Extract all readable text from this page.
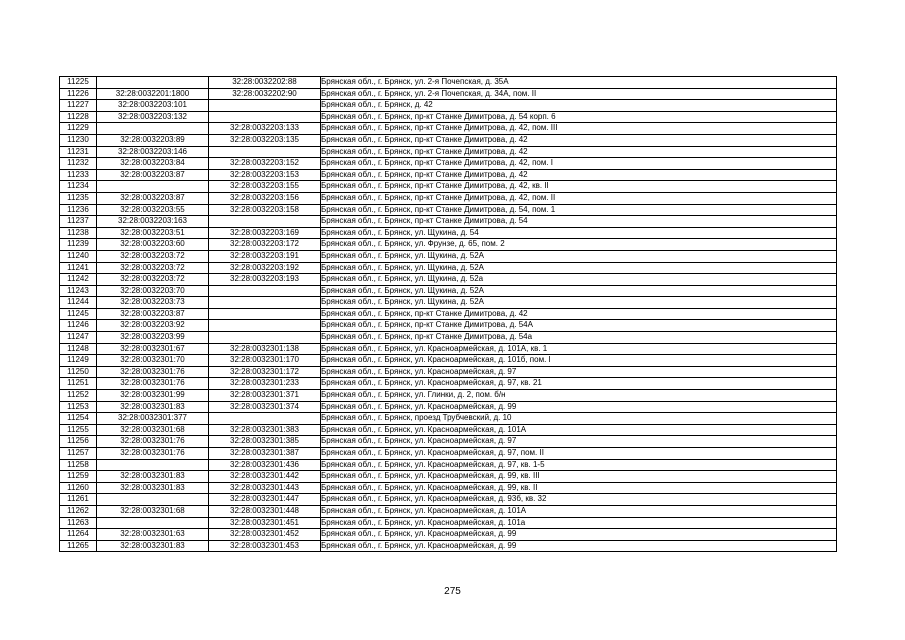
11225		32:28:0032202:88	Брянская обл., г. Брянск, ул. 2-я Почепская, д. 35А
11226	32:28:0032201:1800	32:28:0032202:90	Брянская обл., г. Брянск, ул. 2-я Почепская, д. 34А, пом. II
11227	32:28:0032203:101		Брянская обл., г. Брянск, д. 42
11228	32:28:0032203:132		Брянская обл., г. Брянск, пр-кт Станке Димитрова, д. 54 корп. 6
11229		32:28:0032203:133	Брянская обл., г. Брянск, пр-кт Станке Димитрова, д. 42, пом. III
11230	32:28:0032203:89	32:28:0032203:135	Брянская обл., г. Брянск, пр-кт Станке Димитрова, д. 42
11231	32:28:0032203:146		Брянская обл., г. Брянск, пр-кт Станке Димитрова, д. 42
11232	32:28:0032203:84	32:28:0032203:152	Брянская обл., г. Брянск, пр-кт Станке Димитрова, д. 42, пом. I
11233	32:28:0032203:87	32:28:0032203:153	Брянская обл., г. Брянск, пр-кт Станке Димитрова, д. 42
11234		32:28:0032203:155	Брянская обл., г. Брянск, пр-кт Станке Димитрова, д. 42, кв. II
11235	32:28:0032203:87	32:28:0032203:156	Брянская обл., г. Брянск, пр-кт Станке Димитрова, д. 42, пом. II
11236	32:28:0032203:55	32:28:0032203:158	Брянская обл., г. Брянск, пр-кт Станке Димитрова, д. 54, пом. 1
11237	32:28:0032203:163		Брянская обл., г. Брянск, пр-кт Станке Димитрова, д. 54
11238	32:28:0032203:51	32:28:0032203:169	Брянская обл., г. Брянск, ул. Щукина, д. 54
11239	32:28:0032203:60	32:28:0032203:172	Брянская обл., г. Брянск, ул. Фрунзе, д. 65, пом. 2
11240	32:28:0032203:72	32:28:0032203:191	Брянская обл., г. Брянск, ул. Щукина, д. 52А
11241	32:28:0032203:72	32:28:0032203:192	Брянская обл., г. Брянск, ул. Щукина, д. 52А
11242	32:28:0032203:72	32:28:0032203:193	Брянская обл., г. Брянск, ул. Щукина, д. 52а
11243	32:28:0032203:70		Брянская обл., г. Брянск, ул. Щукина, д. 52А
11244	32:28:0032203:73		Брянская обл., г. Брянск, ул. Щукина, д. 52А
11245	32:28:0032203:87		Брянская обл., г. Брянск, пр-кт Станке Димитрова, д. 42
11246	32:28:0032203:92		Брянская обл., г. Брянск, пр-кт Станке Димитрова, д. 54А
11247	32:28:0032203:99		Брянская обл., г. Брянск, пр-кт Станке Димитрова, д. 54а
11248	32:28:0032301:67	32:28:0032301:138	Брянская обл., г. Брянск, ул. Красноармейская, д. 101А, кв. 1
11249	32:28:0032301:70	32:28:0032301:170	Брянская обл., г. Брянск, ул. Красноармейская, д. 101б, пом. I
11250	32:28:0032301:76	32:28:0032301:172	Брянская обл., г. Брянск, ул. Красноармейская, д. 97
11251	32:28:0032301:76	32:28:0032301:233	Брянская обл., г. Брянск, ул. Красноармейская, д. 97, кв. 21
11252	32:28:0032301:99	32:28:0032301:371	Брянская обл., г. Брянск, ул. Глинки, д. 2, пом. б/н
11253	32:28:0032301:83	32:28:0032301:374	Брянская обл., г. Брянск, ул. Красноармейская, д. 99
11254	32:28:0032301:377		Брянская обл., г. Брянск, проезд Трубчевский, д. 10
11255	32:28:0032301:68	32:28:0032301:383	Брянская обл., г. Брянск, ул. Красноармейская, д. 101А
11256	32:28:0032301:76	32:28:0032301:385	Брянская обл., г. Брянск, ул. Красноармейская, д. 97
11257	32:28:0032301:76	32:28:0032301:387	Брянская обл., г. Брянск, ул. Красноармейская, д. 97, пом. II
11258		32:28:0032301:436	Брянская обл., г. Брянск, ул. Красноармейская, д. 97, кв. 1-5
11259	32:28:0032301:83	32:28:0032301:442	Брянская обл., г. Брянск, ул. Красноармейская, д. 99, кв. III
11260	32:28:0032301:83	32:28:0032301:443	Брянская обл., г. Брянск, ул. Красноармейская, д. 99, кв. II
11261		32:28:0032301:447	Брянская обл., г. Брянск, ул. Красноармейская, д. 93б, кв. 32
11262	32:28:0032301:68	32:28:0032301:448	Брянская обл., г. Брянск, ул. Красноармейская, д. 101А
11263		32:28:0032301:451	Брянская обл., г. Брянск, ул. Красноармейская, д. 101а
11264	32:28:0032301:63	32:28:0032301:452	Брянская обл., г. Брянск, ул. Красноармейская, д. 99
11265	32:28:0032301:83	32:28:0032301:453	Брянская обл., г. Брянск, ул. Красноармейская, д. 99
275
